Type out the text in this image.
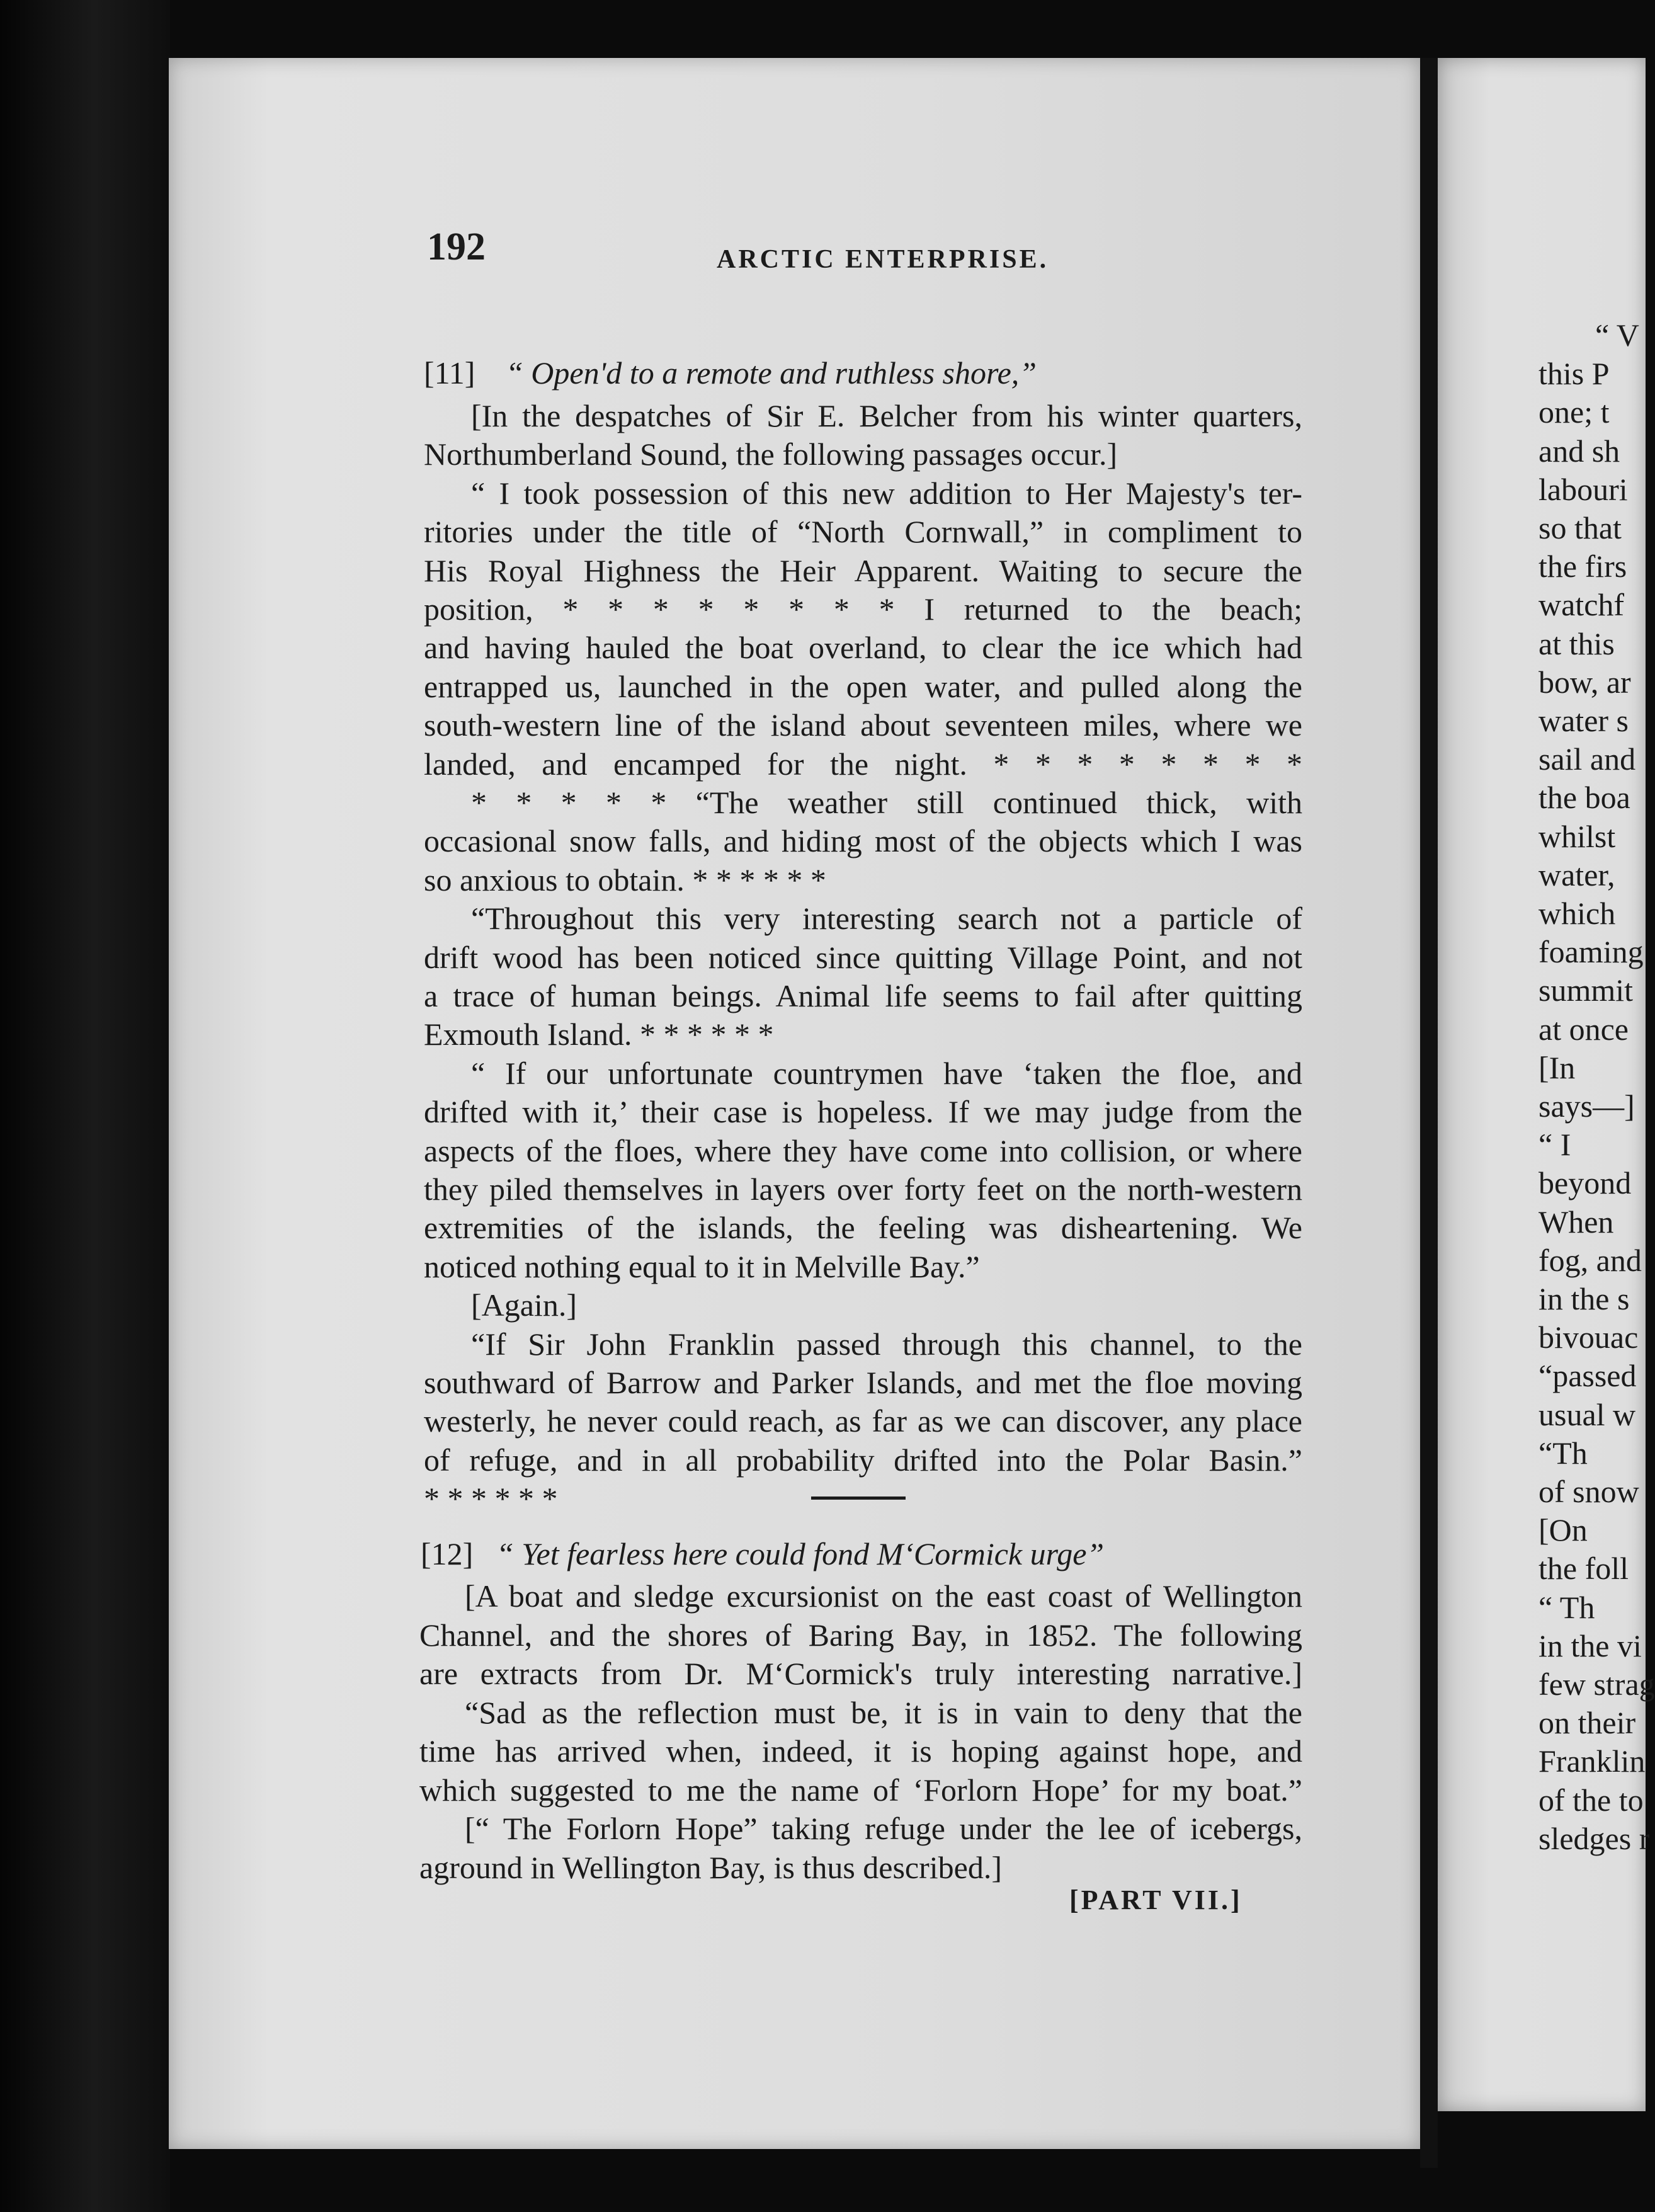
192	ARCTIC ENTERPRISE.
[11] “ Open'd to a remote and ruthless shore,”
[In the despatches of Sir E. Belcher from his winter quarters,
Northumberland Sound, the following passages occur.]
“ I took possession of this new addition to Her Majesty's ter-
ritories under the title of “North Cornwall,” in compliment to
His Royal Highness the Heir Apparent. Waiting to secure the
position, * * * * * * * * I returned to the beach;
and having hauled the boat overland, to clear the ice which had
entrapped us, launched in the open water, and pulled along the
south-western line of the island about seventeen miles, where we
landed, and encamped for the night. * * * * * * * *
* * * * * “The weather still continued thick, with
occasional snow falls, and hiding most of the objects which I was
so anxious to obtain. * * * * * *
“Throughout this very interesting search not a particle of
drift wood has been noticed since quitting Village Point, and not
a trace of human beings. Animal life seems to fail after quitting
Exmouth Island. * * * * * *
“ If our unfortunate countrymen have ‘taken the floe, and
drifted with it,’ their case is hopeless. If we may judge from the
aspects of the floes, where they have come into collision, or where
they piled themselves in layers over forty feet on the north-western
extremities of the islands, the feeling was disheartening. We
noticed nothing equal to it in Melville Bay.”
[Again.]
“If Sir John Franklin passed through this channel, to the
southward of Barrow and Parker Islands, and met the floe moving
westerly, he never could reach, as far as we can discover, any place
of refuge, and in all probability drifted into the Polar Basin.”
* * * * * *
[12] “ Yet fearless here could fond M‘Cormick urge”
[A boat and sledge excursionist on the east coast of Wellington
Channel, and the shores of Baring Bay, in 1852. The following
are extracts from Dr. M‘Cormick's truly interesting narrative.]
“Sad as the reflection must be, it is in vain to deny that the
time has arrived when, indeed, it is hoping against hope, and
which suggested to me the name of ‘Forlorn Hope’ for my boat.”
[“ The Forlorn Hope” taking refuge under the lee of icebergs,
aground in Wellington Bay, is thus described.]
[PART VII.]
“ V
this P
one; t
and sh
labouri
so that
the firs
watchf
at this
bow, ar
water s
sail and
the boa
whilst
water,
which
foaming
summit
at once
[In
says—]
“ I
beyond
When
fog, and
in the s
bivouac
“passed
usual w
“Th
of snow
[On
the foll
“ Th
in the vi
few strag
on their
Franklin
of the to
sledges r
